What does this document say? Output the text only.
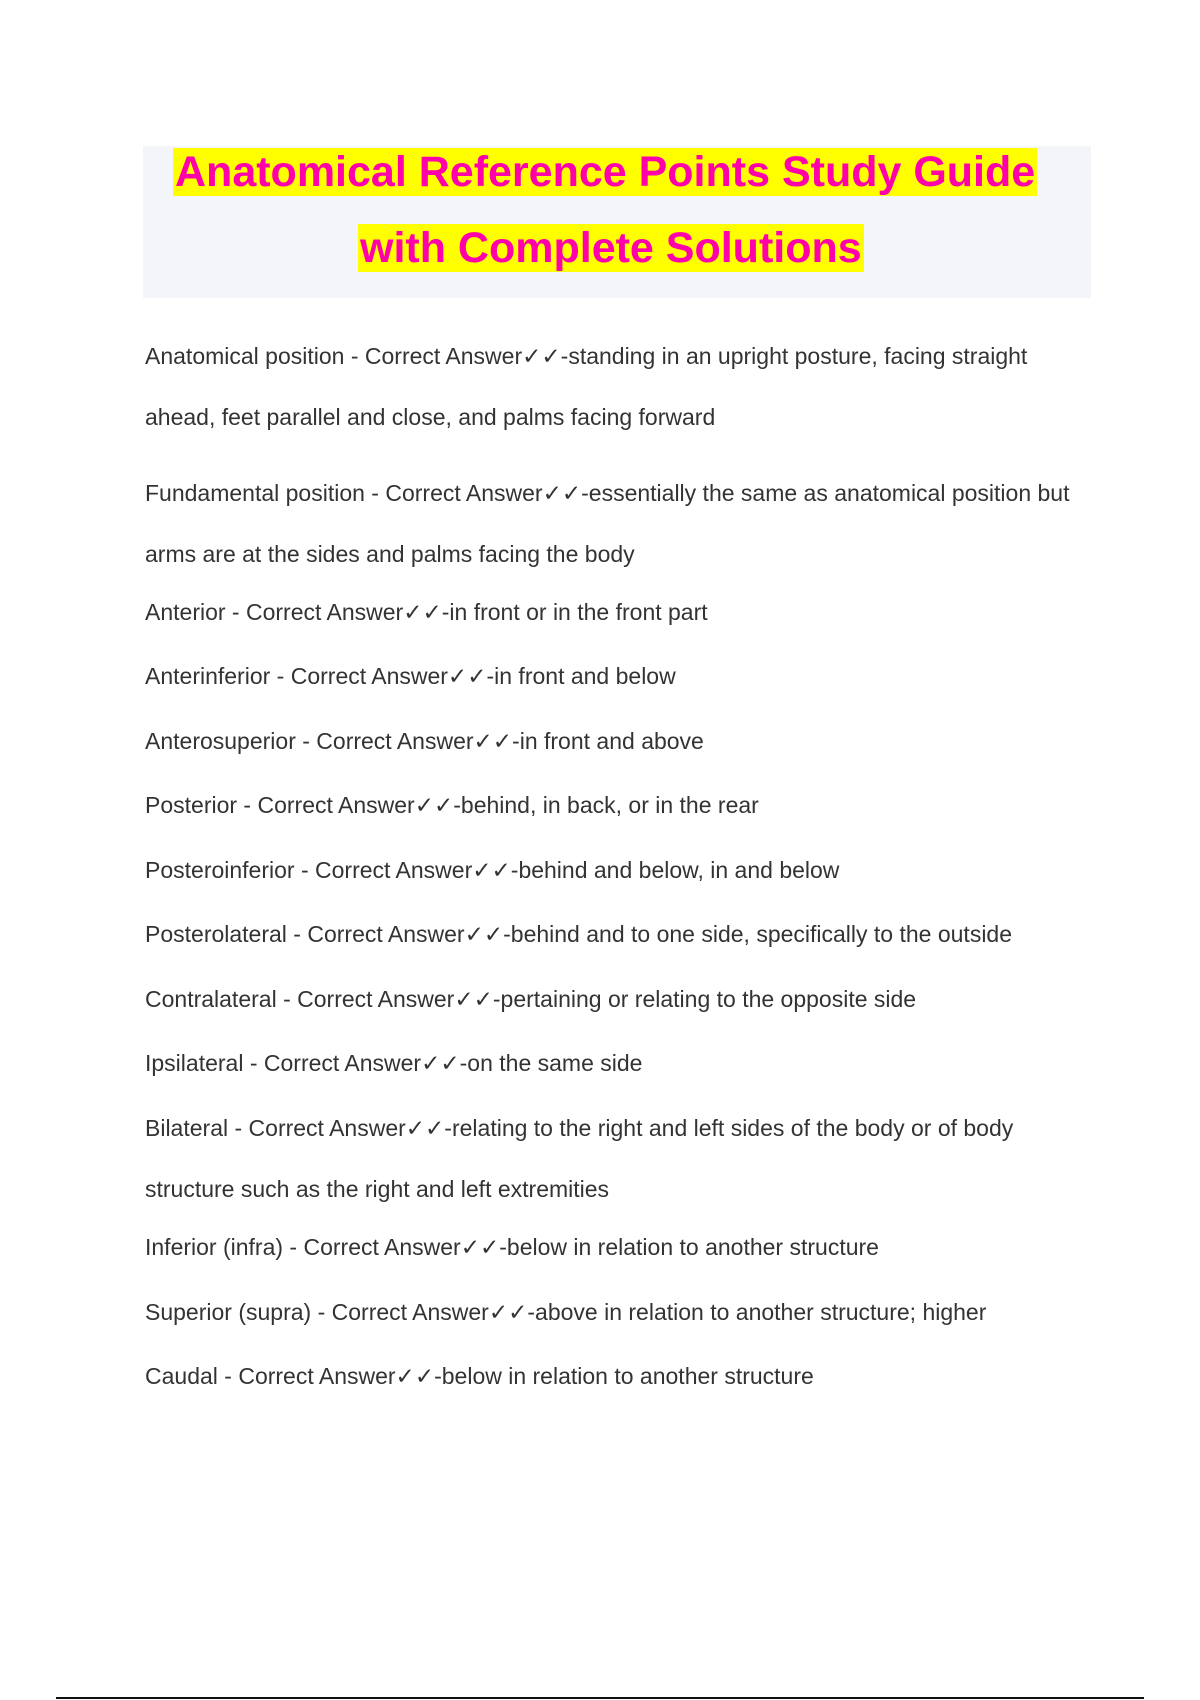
Anatomical Reference Points Study Guide
with Complete Solutions
Anatomical position - Correct Answer✓✓-standing in an upright posture, facing straight ahead, feet parallel and close, and palms facing forward
Fundamental position - Correct Answer✓✓-essentially the same as anatomical position but arms are at the sides and palms facing the body
Anterior - Correct Answer✓✓-in front or in the front part
Anterinferior - Correct Answer✓✓-in front and below
Anterosuperior - Correct Answer✓✓-in front and above
Posterior - Correct Answer✓✓-behind, in back, or in the rear
Posteroinferior - Correct Answer✓✓-behind and below, in and below
Posterolateral - Correct Answer✓✓-behind and to one side, specifically to the outside
Contralateral - Correct Answer✓✓-pertaining or relating to the opposite side
Ipsilateral - Correct Answer✓✓-on the same side
Bilateral - Correct Answer✓✓-relating to the right and left sides of the body or of body structure such as the right and left extremities
Inferior (infra) - Correct Answer✓✓-below in relation to another structure
Superior (supra) - Correct Answer✓✓-above in relation to another structure; higher
Caudal - Correct Answer✓✓-below in relation to another structure
